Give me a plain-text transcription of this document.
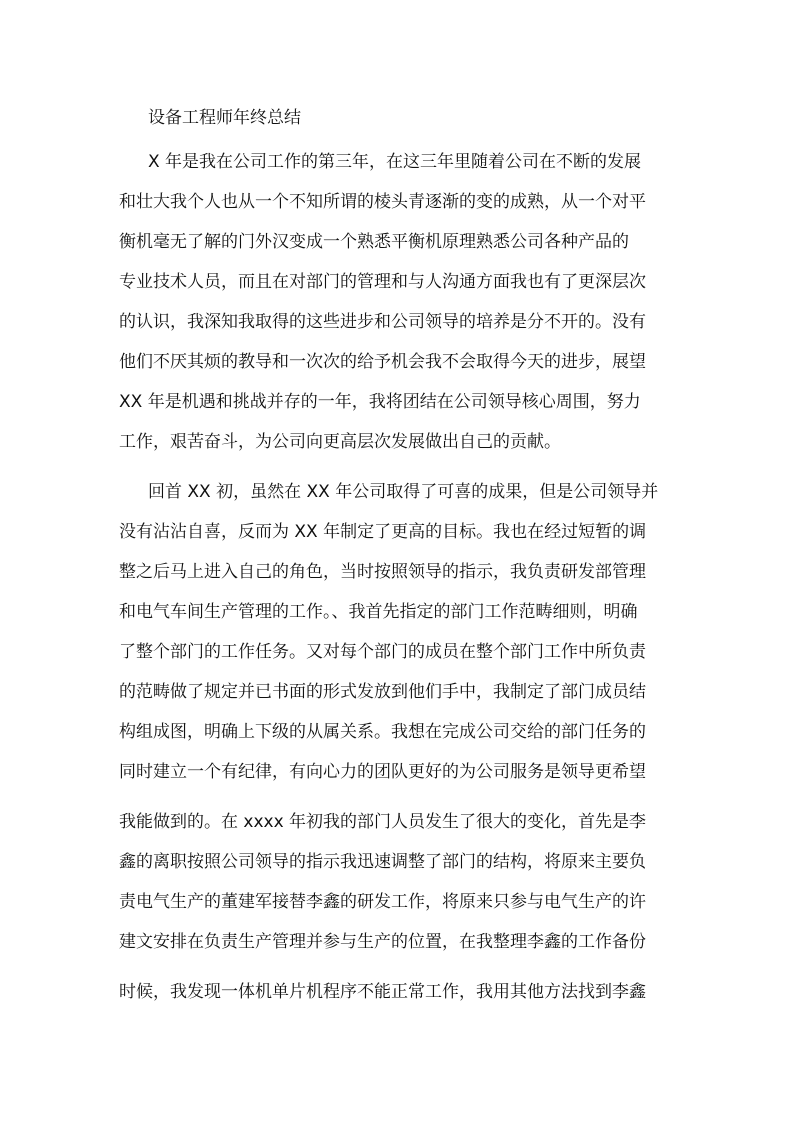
设备工程师年终总结
X 年是我在公司工作的第三年，在这三年里随着公司在不断的发展
和壮大我个人也从一个不知所谓的棱头青逐渐的变的成熟，从一个对平
衡机毫无了解的门外汉变成一个熟悉平衡机原理熟悉公司各种产品的
专业技术人员，而且在对部门的管理和与人沟通方面我也有了更深层次
的认识，我深知我取得的这些进步和公司领导的培养是分不开的。没有
他们不厌其烦的教导和一次次的给予机会我不会取得今天的进步，展望
XX 年是机遇和挑战并存的一年，我将团结在公司领导核心周围，努力
工作，艰苦奋斗，为公司向更高层次发展做出自己的贡献。
回首 XX 初，虽然在 XX 年公司取得了可喜的成果，但是公司领导并
没有沾沾自喜，反而为 XX 年制定了更高的目标。我也在经过短暂的调
整之后马上进入自己的角色，当时按照领导的指示，我负责研发部管理
和电气车间生产管理的工作。、我首先指定的部门工作范畴细则，明确
了整个部门的工作任务。又对每个部门的成员在整个部门工作中所负责
的范畴做了规定并已书面的形式发放到他们手中，我制定了部门成员结
构组成图，明确上下级的从属关系。我想在完成公司交给的部门任务的
同时建立一个有纪律，有向心力的团队更好的为公司服务是领导更希望
我能做到的。在 xxxx 年初我的部门人员发生了很大的变化，首先是李
鑫的离职按照公司领导的指示我迅速调整了部门的结构，将原来主要负
责电气生产的董建军接替李鑫的研发工作，将原来只参与电气生产的许
建文安排在负责生产管理并参与生产的位置，在我整理李鑫的工作备份
时候，我发现一体机单片机程序不能正常工作，我用其他方法找到李鑫
